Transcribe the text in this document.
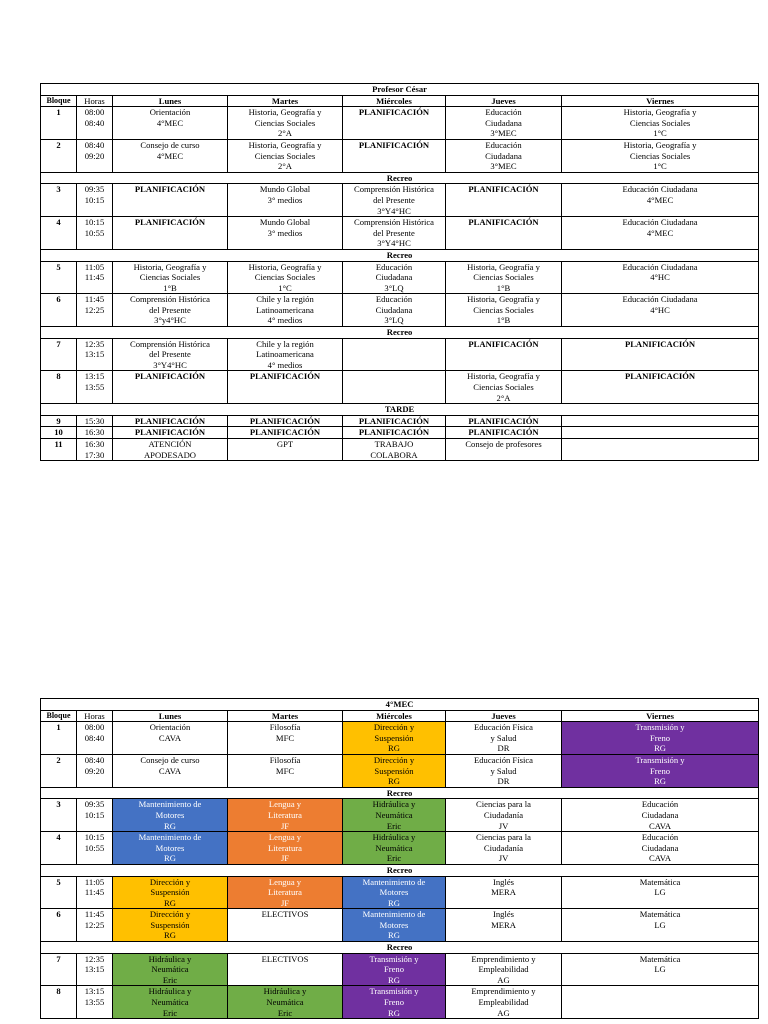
Profesor César						
Bloque	Horas	Lunes	Martes	Miércoles	Jueves	Viernes
1	08:00
08:40	Orientación
4°MEC	Historia, Geografía y
Ciencias Sociales
2°A	PLANIFICACIÓN	Educación
Ciudadana
3°MEC	Historia, Geografía y
Ciencias Sociales
1°C

2	08:40
09:20	Consejo de curso
4°MEC	Historia, Geografía y
Ciencias Sociales
2°A	PLANIFICACIÓN	Educación
Ciudadana
3°MEC	Historia, Geografía y
Ciencias Sociales
1°C

Recreo						
3	09:35
10:15	PLANIFICACIÓN	Mundo Global
3° medios	Comprensión Histórica
del Presente
3°Y4°HC	PLANIFICACIÓN	Educación Ciudadana
4°MEC

4	10:15
10:55	PLANIFICACIÓN	Mundo Global
3° medios	Comprensión Histórica
del Presente
3°Y4°HC	PLANIFICACIÓN	Educación Ciudadana
4°MEC

Recreo						
5	11:05
11:45	Historia, Geografía y
Ciencias Sociales
1°B	Historia, Geografía y
Ciencias Sociales
1°C	Educación
Ciudadana
3°LQ	Historia, Geografía y
Ciencias Sociales
1°B	Educación Ciudadana
4°HC

6	11:45
12:25	Comprensión Histórica
del Presente
3°y4°HC	Chile y la región
Latinoamericana
4° medios	Educación
Ciudadana
3°LQ	Historia, Geografía y
Ciencias Sociales
1°B	Educación Ciudadana
4°HC

Recreo						
7	12:35
13:15	Comprensión Histórica
del Presente
3°Y4°HC	Chile y la región
Latinoamericana
4° medios		PLANIFICACIÓN	PLANIFICACIÓN

8	13:15
13:55	PLANIFICACIÓN	PLANIFICACIÓN		Historia, Geografía y
Ciencias Sociales
2°A	PLANIFICACIÓN

TARDE						
9	15:30	PLANIFICACIÓN	PLANIFICACIÓN	PLANIFICACIÓN	PLANIFICACIÓN	

10	16:30	PLANIFICACIÓN	PLANIFICACIÓN	PLANIFICACIÓN	PLANIFICACIÓN	

11	16:30
17:30	ATENCIÓN
APODESADO	GPT	TRABAJO
COLABORA	Consejo de profesores	

4°MEC						
Bloque	Horas	Lunes	Martes	Miércoles	Jueves	Viernes
1	08:00
08:40	Orientación
CAVA	Filosofía
MFC	Dirección y
Suspensión
RG	Educación Física
y Salud
DR	Transmisión y
Freno
RG

2	08:40
09:20	Consejo de curso
CAVA	Filosofía
MFC	Dirección y
Suspensión
RG	Educación Física
y Salud
DR	Transmisión y
Freno
RG

Recreo						
3	09:35
10:15	Mantenimiento de
Motores
RG	Lengua y
Literatura
JF	Hidráulica y
Neumática
Eric	Ciencias para la
Ciudadanía
JV	Educación
Ciudadana
CAVA

4	10:15
10:55	Mantenimiento de
Motores
RG	Lengua y
Literatura
JF	Hidráulica y
Neumática
Eric	Ciencias para la
Ciudadanía
JV	Educación
Ciudadana
CAVA

Recreo						
5	11:05
11:45	Dirección y
Suspensión
RG	Lengua y
Literatura
JF	Mantenimiento de
Motores
RG	Inglés
MERA	Matemática
LG

6	11:45
12:25	Dirección y
Suspensión
RG	ELECTIVOS	Mantenimiento de
Motores
RG	Inglés
MERA	Matemática
LG

Recreo						
7	12:35
13:15	Hidráulica y
Neumática
Eric	ELECTIVOS	Transmisión y
Freno
RG	Emprendimiento y
Empleabilidad
AG	Matemática
LG

8	13:15
13:55	Hidráulica y
Neumática
Eric	Hidráulica y
Neumática
Eric	Transmisión y
Freno
RG	Emprendimiento y
Empleabilidad
AG	
